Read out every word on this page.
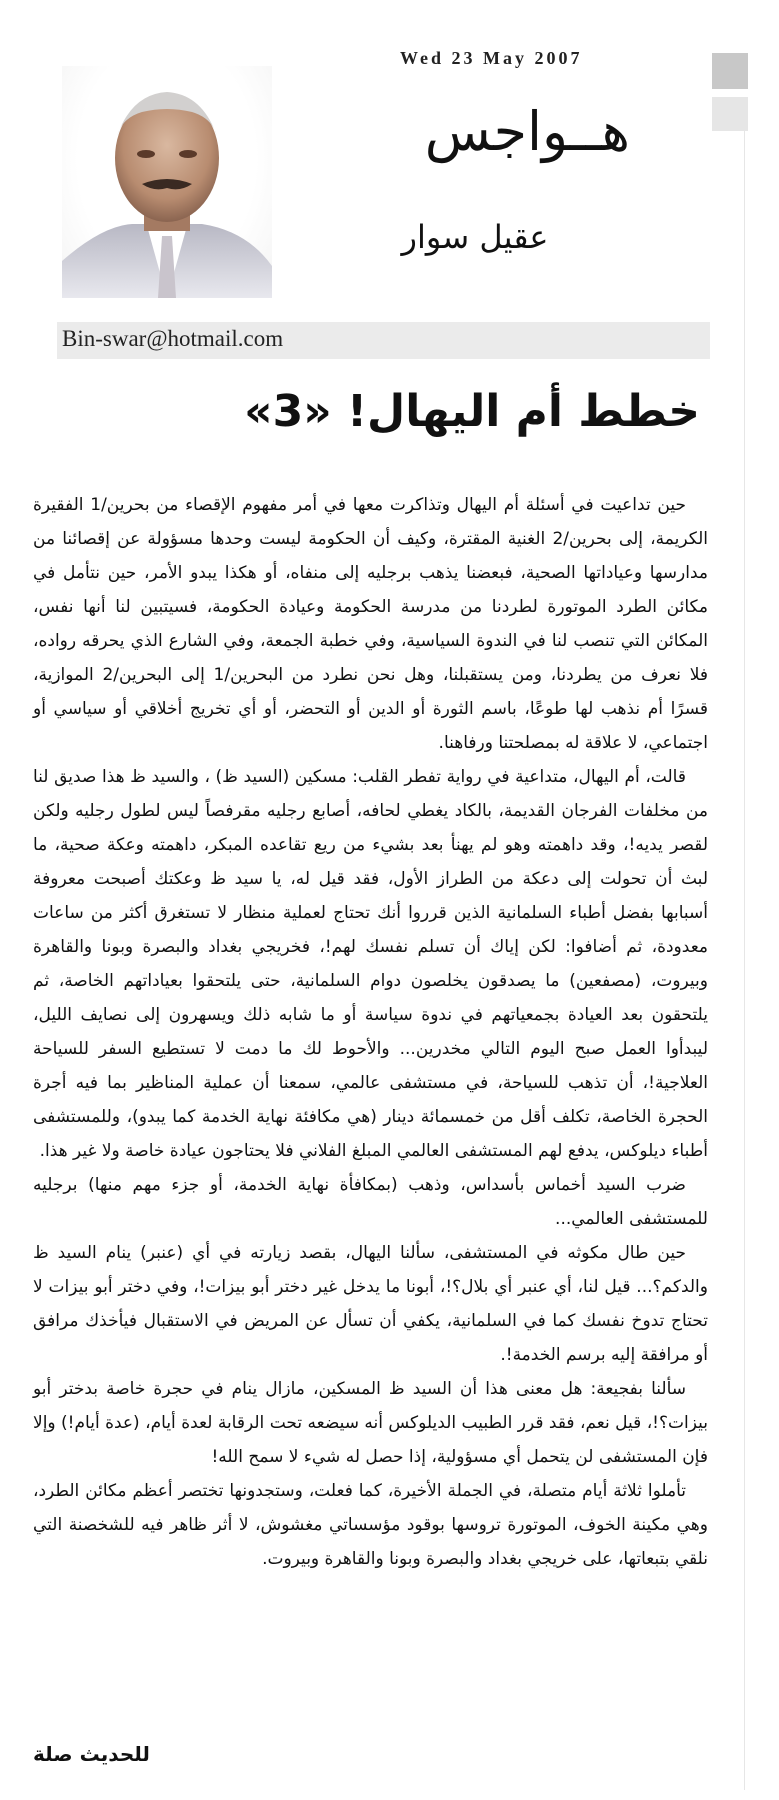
Wed 23 May 2007
هــواجس
عقيل سوار
Bin-swar@hotmail.com
خطط أم اليهال! «3»

حين تداعيت في أسئلة أم اليهال وتذاكرت معها في أمر مفهوم الإقصاء من بحرين/1 الفقيرة الكريمة، إلى بحرين/2 الغنية المقترة، وكيف أن الحكومة ليست وحدها مسؤولة عن إقصائنا من مدارسها وعياداتها الصحية، فبعضنا يذهب برجليه إلى منفاه، أو هكذا يبدو الأمر، حين نتأمل في مكائن الطرد الموتورة لطردنا من مدرسة الحكومة وعيادة الحكومة، فسيتبين لنا أنها نفس، المكائن التي تنصب لنا في الندوة السياسية، وفي خطبة الجمعة، وفي الشارع الذي يحرقه رواده، فلا نعرف من يطردنا، ومن يستقبلنا، وهل نحن نطرد من البحرين/1 إلى البحرين/2 الموازية، قسرًا أم نذهب لها طوعًا، باسم الثورة أو الدين أو التحضر، أو أي تخريج أخلاقي أو سياسي أو اجتماعي، لا علاقة له بمصلحتنا ورفاهنا.

قالت، أم اليهال، متداعية في رواية تفطر القلب: مسكين (السيد ظ) ، والسيد ظ هذا صديق لنا من مخلفات الفرجان القديمة، بالكاد يغطي لحافه، أصابع رجليه مقرفصاً ليس لطول رجليه ولكن لقصر يديه!، وقد داهمته وهو لم يهنأ بعد بشيء من ريع تقاعده المبكر، داهمته وعكة صحية، ما لبث أن تحولت إلى دعكة من الطراز الأول، فقد قيل له، يا سيد ظ وعكتك أصبحت معروفة أسبابها بفضل أطباء السلمانية الذين قرروا أنك تحتاج لعملية منظار لا تستغرق أكثر من ساعات معدودة، ثم أضافوا: لكن إياك أن تسلم نفسك لهم!، فخريجي بغداد والبصرة وبونا والقاهرة وبيروت، (مصفعين) ما يصدقون يخلصون دوام السلمانية، حتى يلتحقوا بعياداتهم الخاصة، ثم يلتحقون بعد العيادة بجمعياتهم في ندوة سياسة أو ما شابه ذلك ويسهرون إلى نصايف الليل، ليبدأوا العمل صبح اليوم التالي مخدرين... والأحوط لك ما دمت لا تستطيع السفر للسياحة العلاجية!، أن تذهب للسياحة، في مستشفى عالمي، سمعنا أن عملية المناظير بما فيه أجرة الحجرة الخاصة، تكلف أقل من خمسمائة دينار (هي مكافئة نهاية الخدمة كما يبدو)، وللمستشفى أطباء ديلوكس، يدفع لهم المستشفى العالمي المبلغ الفلاني فلا يحتاجون عيادة خاصة ولا غير هذا.

ضرب السيد أخماس بأسداس، وذهب (بمكافأة نهاية الخدمة، أو جزء مهم منها) برجليه للمستشفى العالمي...

حين طال مكوثه في المستشفى، سألنا اليهال، بقصد زيارته في أي (عنبر) ينام السيد ظ والدكم؟... قيل لنا، أي عنبر أي بلال؟!، أبونا ما يدخل غير دختر أبو بيزات!، وفي دختر أبو بيزات لا تحتاج تدوخ نفسك كما في السلمانية، يكفي أن تسأل عن المريض في الاستقبال فيأخذك مرافق أو مرافقة إليه برسم الخدمة!.

سألنا بفجيعة: هل معنى هذا أن السيد ظ المسكين، مازال ينام في حجرة خاصة بدختر أبو بيزات؟!، قيل نعم، فقد قرر الطبيب الديلوكس أنه سيضعه تحت الرقابة لعدة أيام، (عدة أيام!) وإلا فإن المستشفى لن يتحمل أي مسؤولية، إذا حصل له شيء لا سمح الله!

تأملوا ثلاثة أيام متصلة، في الجملة الأخيرة، كما فعلت، وستجدونها تختصر أعظم مكائن الطرد، وهي مكينة الخوف، الموتورة تروسها بوقود مؤسساتي مغشوش، لا أثر ظاهر فيه للشخصنة التي نلقي بتبعاتها، على خريجي بغداد والبصرة وبونا والقاهرة وبيروت.

للحديث صلة
